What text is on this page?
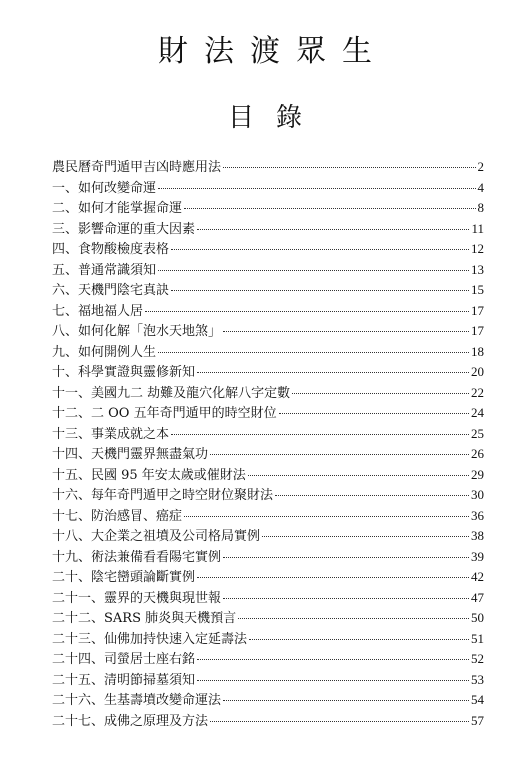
財法渡眾生
目錄
農民曆奇門遁甲吉凶時應用法	2
一、如何改變命運	4
二、如何才能掌握命運	8
三、影響命運的重大因素	11
四、食物酸檢度表格	12
五、普通常識須知	13
六、天機門陰宅真訣	15
七、福地福人居	17
八、如何化解「泡水天地煞」	17
九、如何開例人生	18
十、科學實證與靈修新知	20
十一、美國九二 劫難及龍穴化解八字定數	22
十二、二 OO 五年奇門遁甲的時空財位	24
十三、事業成就之本	25
十四、天機門靈界無盡氣功	26
十五、民國 95 年安太歲或催財法	29
十六、每年奇門遁甲之時空財位聚財法	30
十七、防治感冒、癌症	36
十八、大企業之祖墳及公司格局實例	38
十九、術法兼備看看陽宅實例	39
二十、陰宅巒頭論斷實例	42
二十一、靈界的天機與現世報	47
二十二、SARS 肺炎與天機預言	50
二十三、仙佛加持快速入定延壽法	51
二十四、司螢居士座右銘	52
二十五、清明節掃墓須知	53
二十六、生基壽墳改變命運法	54
二十七、成佛之原理及方法	57
